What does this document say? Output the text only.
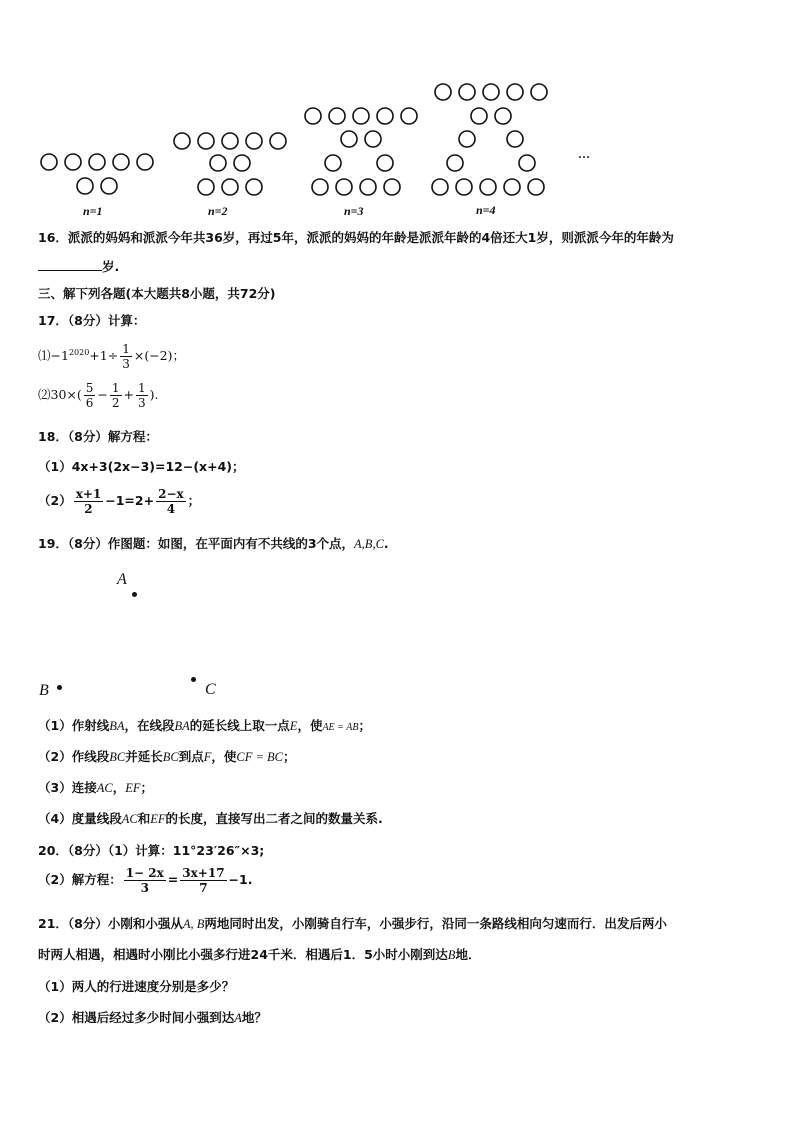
n=1	n=2	n=3	n=4
…
16．派派的妈妈和派派今年共36岁，再过5年，派派的妈妈的年龄是派派年龄的4倍还大1岁，则派派今年的年龄为
岁.
三、解下列各题(本大题共8小题，共72分)
17．（8分）计算：
$⑴-1^{2020}+1\div \frac{1}{3} \times(-2)$；
⑵30×( $\frac{5}{6} - \frac{1}{2} + \frac{1}{3}$ ).
18．（8分）解方程：
（1）4x+3(2x−3)=12−(x+4)；
$(2) \frac{x+1}{2} -1=2+ \frac{2-x}{4}$ ；
19．（8分）作图题：如图，在平面内有不共线的3个点，A,B,C.
A
B	C
（1）作射线BA，在线段BA的延长线上取一点E，使AE = AB；
（2）作线段BC并延长BC到点F，使CF = BC；
（3）连接AC，EF；
（4）度量线段AC和EF的长度，直接写出二者之间的数量关系.
20．（8分）（1）计算：11°23′26″×3;
（2）解方程： $\frac{1- 2x}{3} = \frac{3x+17}{7} -1$.
21．（8分）小刚和小强从A, B两地同时出发，小刚骑自行车，小强步行，沿同一条路线相向匀速而行．出发后两小
时两人相遇，相遇时小刚比小强多行进24千米．相遇后1．5小时小刚到达B地．
（1）两人的行进速度分别是多少？
（2）相遇后经过多少时间小强到达A地？
